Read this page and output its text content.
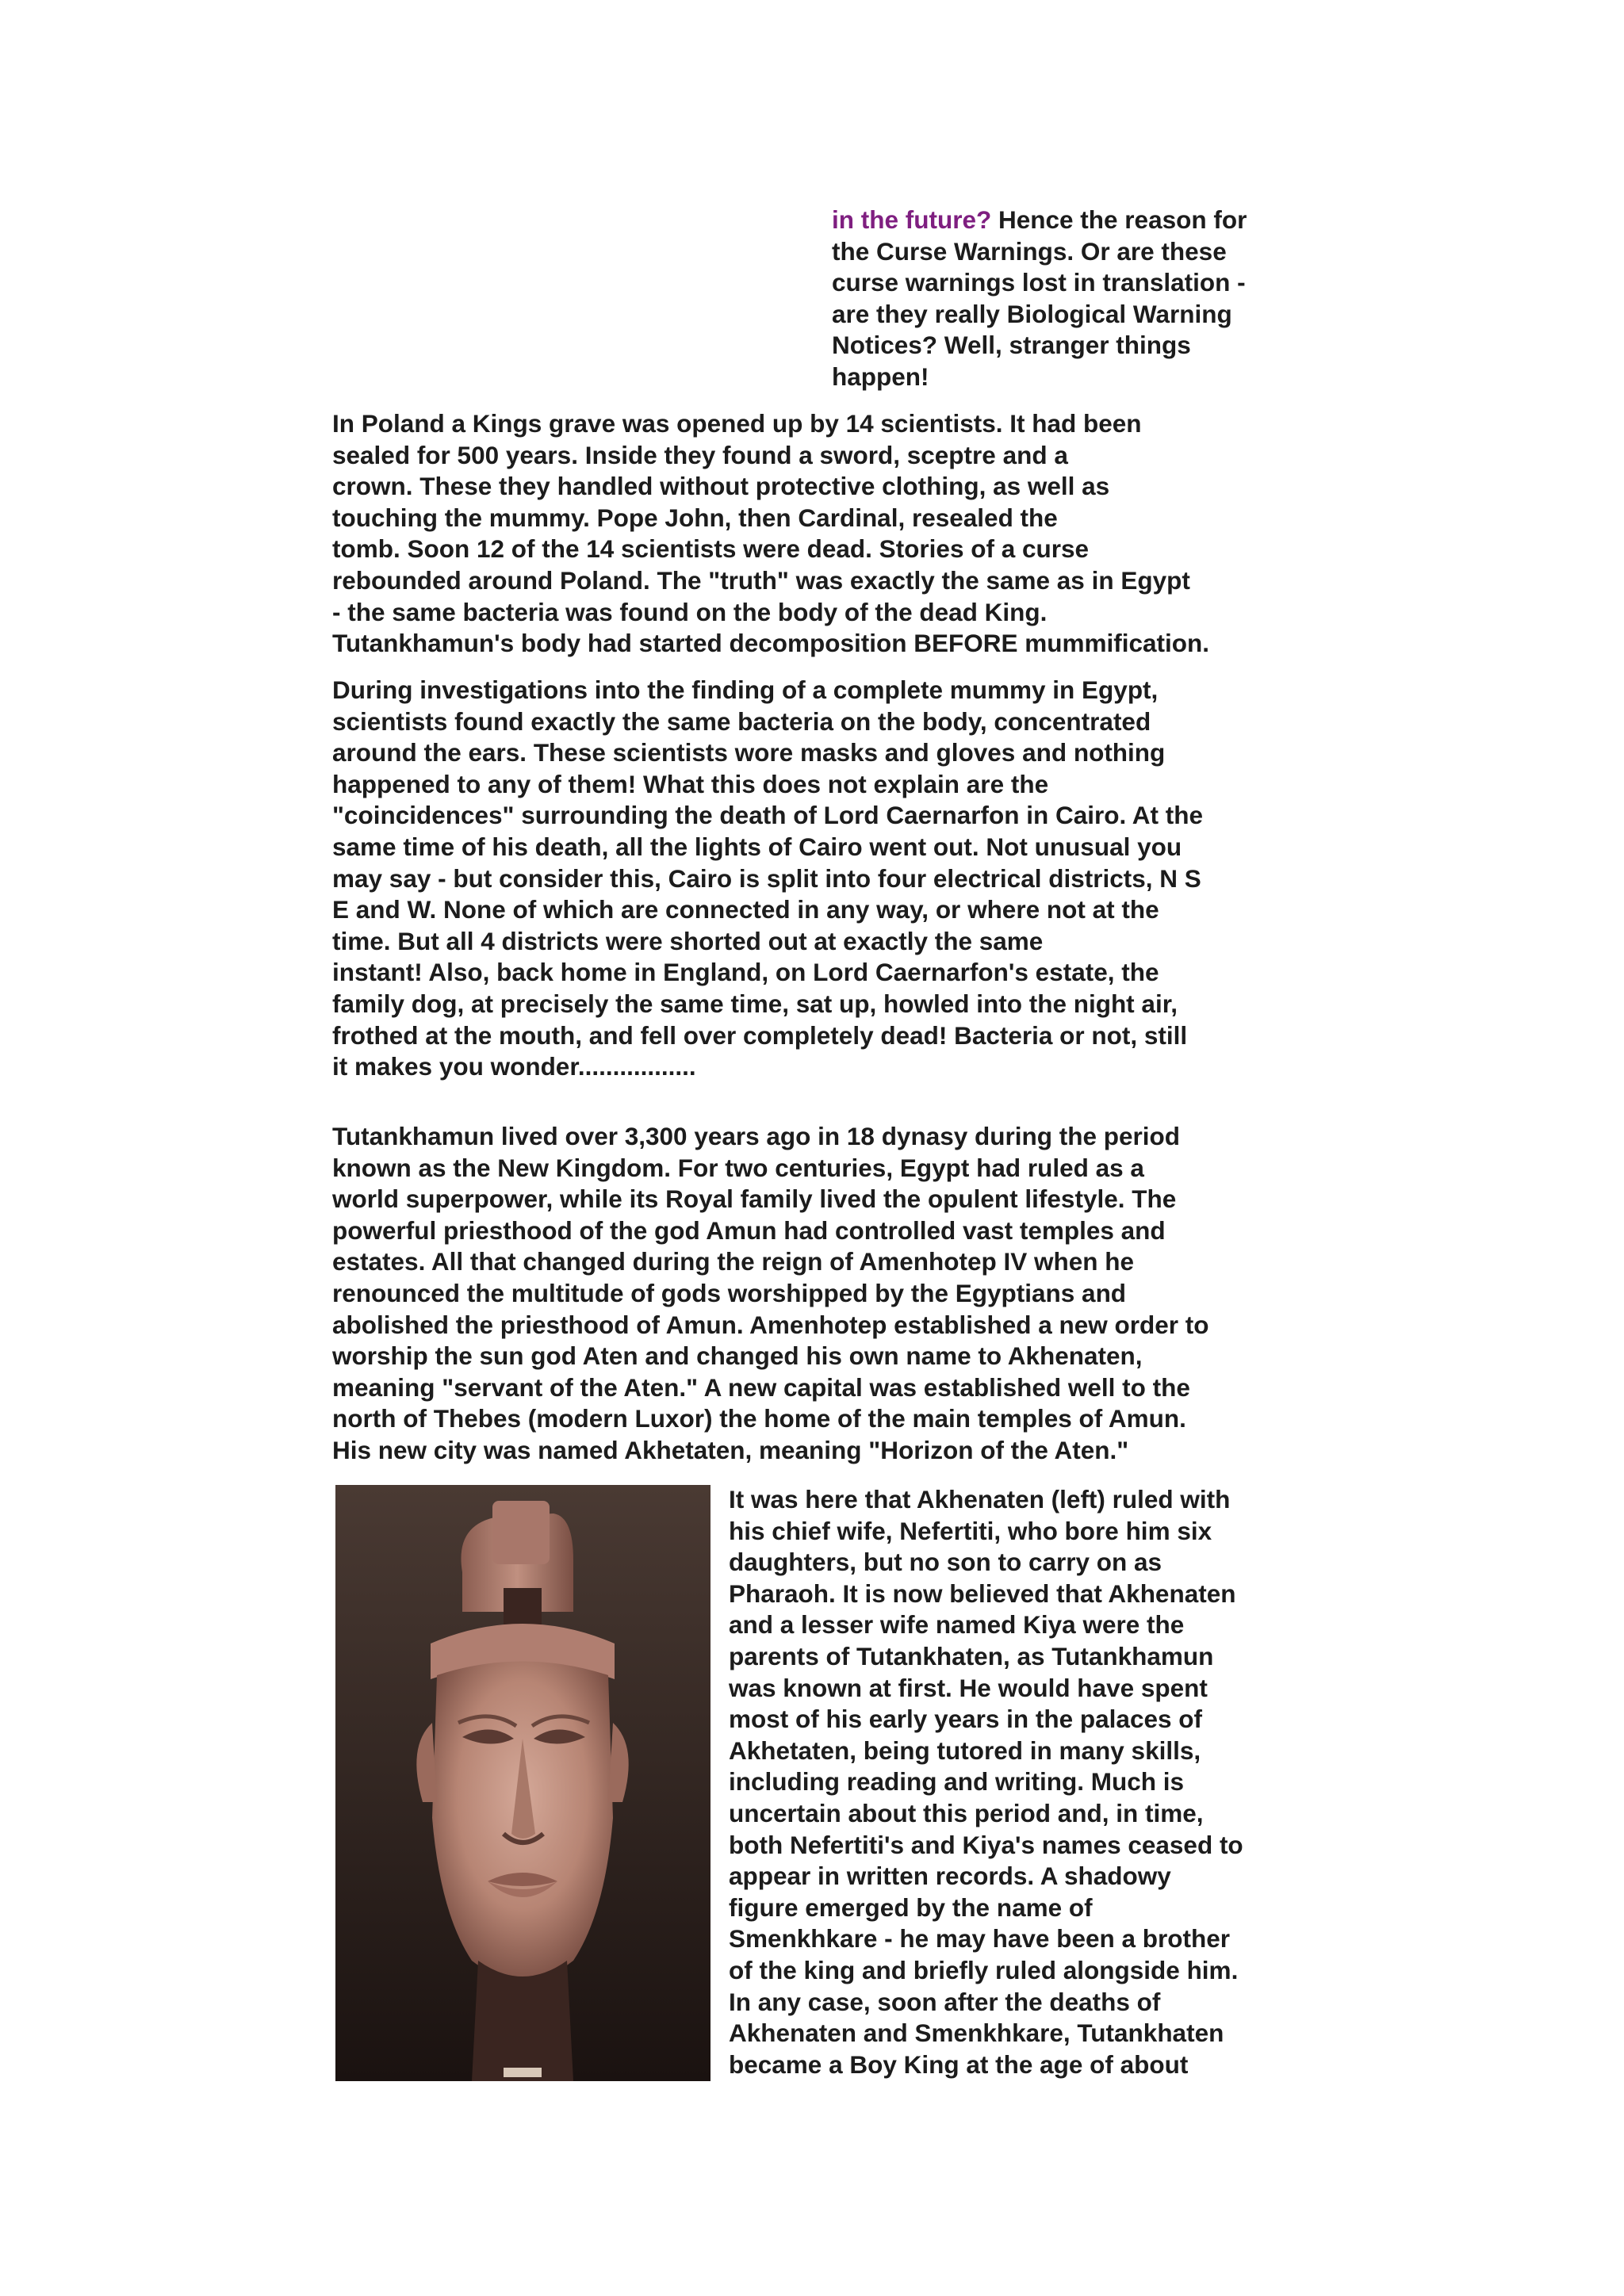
in the future? Hence the reason for
the Curse Warnings. Or are these
curse warnings lost in translation -
are they really Biological Warning
Notices? Well, stranger things
happen!

In Poland a Kings grave was opened up by 14 scientists. It had been
sealed for 500 years. Inside they found a sword, sceptre and a
crown. These they handled without protective clothing, as well as
touching the mummy. Pope John, then Cardinal, resealed the
tomb. Soon 12 of the 14 scientists were dead. Stories of a curse
rebounded around Poland. The "truth" was exactly the same as in Egypt
- the same bacteria was found on the body of the dead King.
Tutankhamun's body had started decomposition BEFORE mummification.

During investigations into the finding of a complete mummy in Egypt,
scientists found exactly the same bacteria on the body, concentrated
around the ears. These scientists wore masks and gloves and nothing
happened to any of them! What this does not explain are the
"coincidences" surrounding the death of Lord Caernarfon in Cairo. At the
same time of his death, all the lights of Cairo went out. Not unusual you
may say - but consider this, Cairo is split into four electrical districts, N S
E and W. None of which are connected in any way, or where not at the
time. But all 4 districts were shorted out at exactly the same
instant! Also, back home in England, on Lord Caernarfon's estate, the
family dog, at precisely the same time, sat up, howled into the night air,
frothed at the mouth, and fell over completely dead! Bacteria or not, still
it makes you wonder.................

Tutankhamun lived over 3,300 years ago in 18 dynasy during the period
known as the New Kingdom. For two centuries, Egypt had ruled as a
world superpower, while its Royal family lived the opulent lifestyle. The
powerful priesthood of the god Amun had controlled vast temples and
estates. All that changed during the reign of Amenhotep IV when he
renounced the multitude of gods worshipped by the Egyptians and
abolished the priesthood of Amun. Amenhotep established a new order to
worship the sun god Aten and changed his own name to Akhenaten,
meaning "servant of the Aten." A new capital was established well to the
north of Thebes (modern Luxor) the home of the main temples of Amun.
His new city was named Akhetaten, meaning "Horizon of the Aten."

It was here that Akhenaten (left) ruled with
his chief wife, Nefertiti, who bore him six
daughters, but no son to carry on as
Pharaoh. It is now believed that Akhenaten
and a lesser wife named Kiya were the
parents of Tutankhaten, as Tutankhamun
was known at first. He would have spent
most of his early years in the palaces of
Akhetaten, being tutored in many skills,
including reading and writing. Much is
uncertain about this period and, in time,
both Nefertiti's and Kiya's names ceased to
appear in written records. A shadowy
figure emerged by the name of
Smenkhkare - he may have been a brother
of the king and briefly ruled alongside him.
In any case, soon after the deaths of
Akhenaten and Smenkhkare, Tutankhaten
became a Boy King at the age of about
